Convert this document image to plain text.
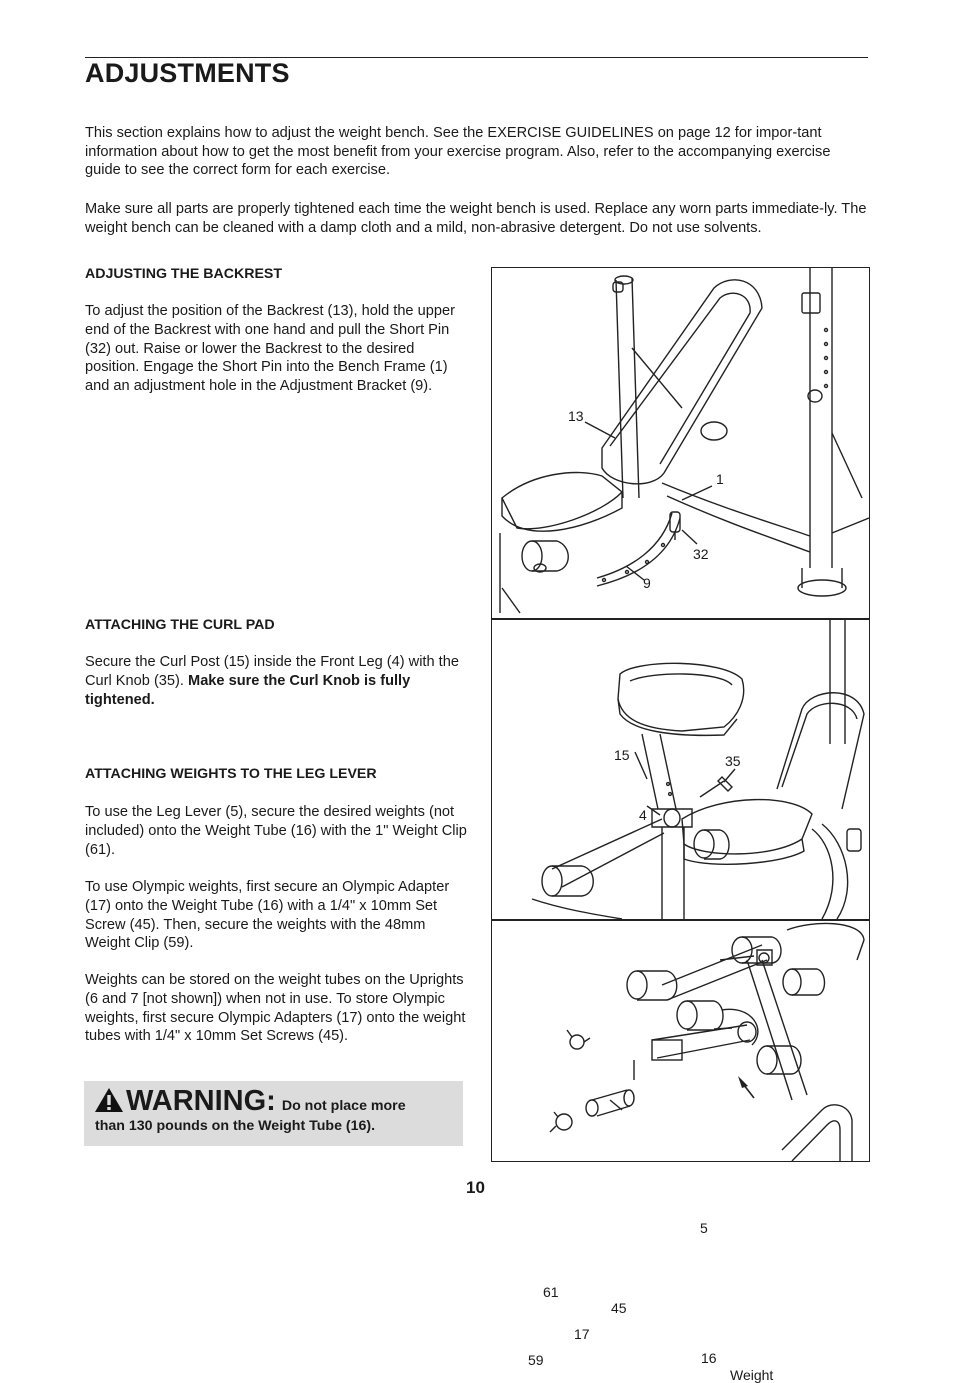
ADJUSTMENTS

This section explains how to adjust the weight bench. See the EXERCISE GUIDELINES on page 12 for impor-tant information about how to get the most benefit from your exercise program. Also, refer to the accompanying exercise guide to see the correct form for each exercise.

Make sure all parts are properly tightened each time the weight bench is used. Replace any worn parts immediate-ly. The weight bench can be cleaned with a damp cloth and a mild, non-abrasive detergent. Do not use solvents.

ADJUSTING THE BACKREST

To adjust the position of the Backrest (13), hold the upper end of the Backrest with one hand and pull the Short Pin (32) out. Raise or lower the Backrest to the desired position. Engage the Short Pin into the Bench Frame (1) and an adjustment hole in the Adjustment Bracket (9).

ATTACHING THE CURL PAD

Secure the Curl Post (15) inside the Front Leg (4) with the Curl Knob (35). Make sure the Curl Knob is fully tightened.

ATTACHING WEIGHTS TO THE LEG LEVER

To use the Leg Lever (5), secure the desired weights (not included) onto the Weight Tube (16) with the 1" Weight Clip (61).

To use Olympic weights, first secure an Olympic Adapter (17) onto the Weight Tube (16) with a 1/4" x 10mm Set Screw (45). Then, secure the weights with the 48mm Weight Clip (59).

Weights can be stored on the weight tubes on the Uprights (6 and 7 [not shown]) when not in use. To store Olympic weights, first secure Olympic Adapters (17) onto the weight tubes with 1/4" x 10mm Set Screws (45).

WARNING: Do not place more
than 130 pounds on the Weight Tube (16).
13
1
32
9
15	35
4
5
61
45
17
59	16
Weight
10
